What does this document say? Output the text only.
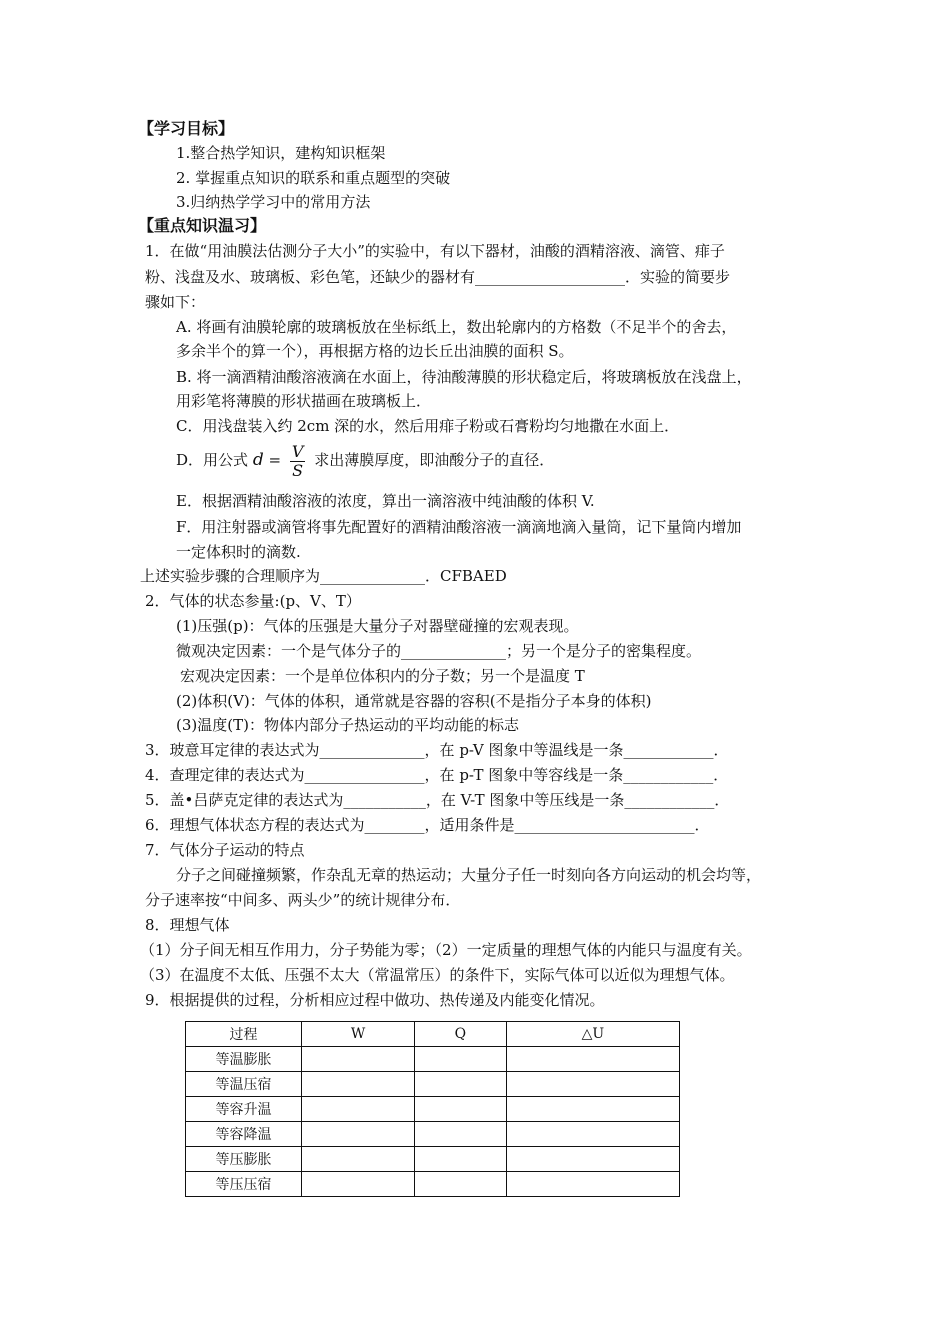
【学习目标】
1.整合热学知识，建构知识框架
2. 掌握重点知识的联系和重点题型的突破
3.归纳热学学习中的常用方法
【重点知识温习】
1．在做“用油膜法估测分子大小”的实验中，有以下器材，油酸的酒精溶液、滴管、痱子
粉、浅盘及水、玻璃板、彩色笔，还缺少的器材有____________________．实验的简要步
骤如下：
A. 将画有油膜轮廓的玻璃板放在坐标纸上，数出轮廓内的方格数（不足半个的舍去，
多余半个的算一个），再根据方格的边长丘出油膜的面积 S。
B. 将一滴酒精油酸溶液滴在水面上，待油酸薄膜的形状稳定后，将玻璃板放在浅盘上，
用彩笔将薄膜的形状描画在玻璃板上．
C．用浅盘装入约 2cm 深的水，然后用痱子粉或石膏粉均匀地撒在水面上．
D．用公式 $d = \frac{V}{S}$ 求出薄膜厚度，即油酸分子的直径．
E．根据酒精油酸溶液的浓度，算出一滴溶液中纯油酸的体积 V.
F．用注射器或滴管将事先配置好的酒精油酸溶液一滴滴地滴入量筒，记下量筒内增加
一定体积时的滴数.
上述实验步骤的合理顺序为______________．CFBAED
2．气体的状态参量:(p、V、T）
(1)压强(p)：气体的压强是大量分子对器壁碰撞的宏观表现。
微观决定因素：一个是气体分子的______________；另一个是分子的密集程度。
宏观决定因素：一个是单位体积内的分子数；另一个是温度 T
(2)体积(V)：气体的体积，通常就是容器的容积(不是指分子本身的体积)
(3)温度(T)：物体内部分子热运动的平均动能的标志
3．玻意耳定律的表达式为______________，在 p-V 图象中等温线是一条____________．
4．查理定律的表达式为________________，在 p-T 图象中等容线是一条____________．
5．盖•吕萨克定律的表达式为___________，在 V-T 图象中等压线是一条____________．
6．理想气体状态方程的表达式为________，适用条件是________________________．
7．气体分子运动的特点
分子之间碰撞频繁，作杂乱无章的热运动；大量分子任一时刻向各方向运动的机会均等，
分子速率按“中间多、两头少”的统计规律分布．
8．理想气体
（1）分子间无相互作用力，分子势能为零；（2）一定质量的理想气体的内能只与温度有关。
（3）在温度不太低、压强不太大（常温常压）的条件下，实际气体可以近似为理想气体。
9．根据提供的过程，分析相应过程中做功、热传递及内能变化情况。
过程	W	Q	△U
等温膨胀			
等温压宿			
等容升温			
等容降温			
等压膨胀			
等压压宿			
